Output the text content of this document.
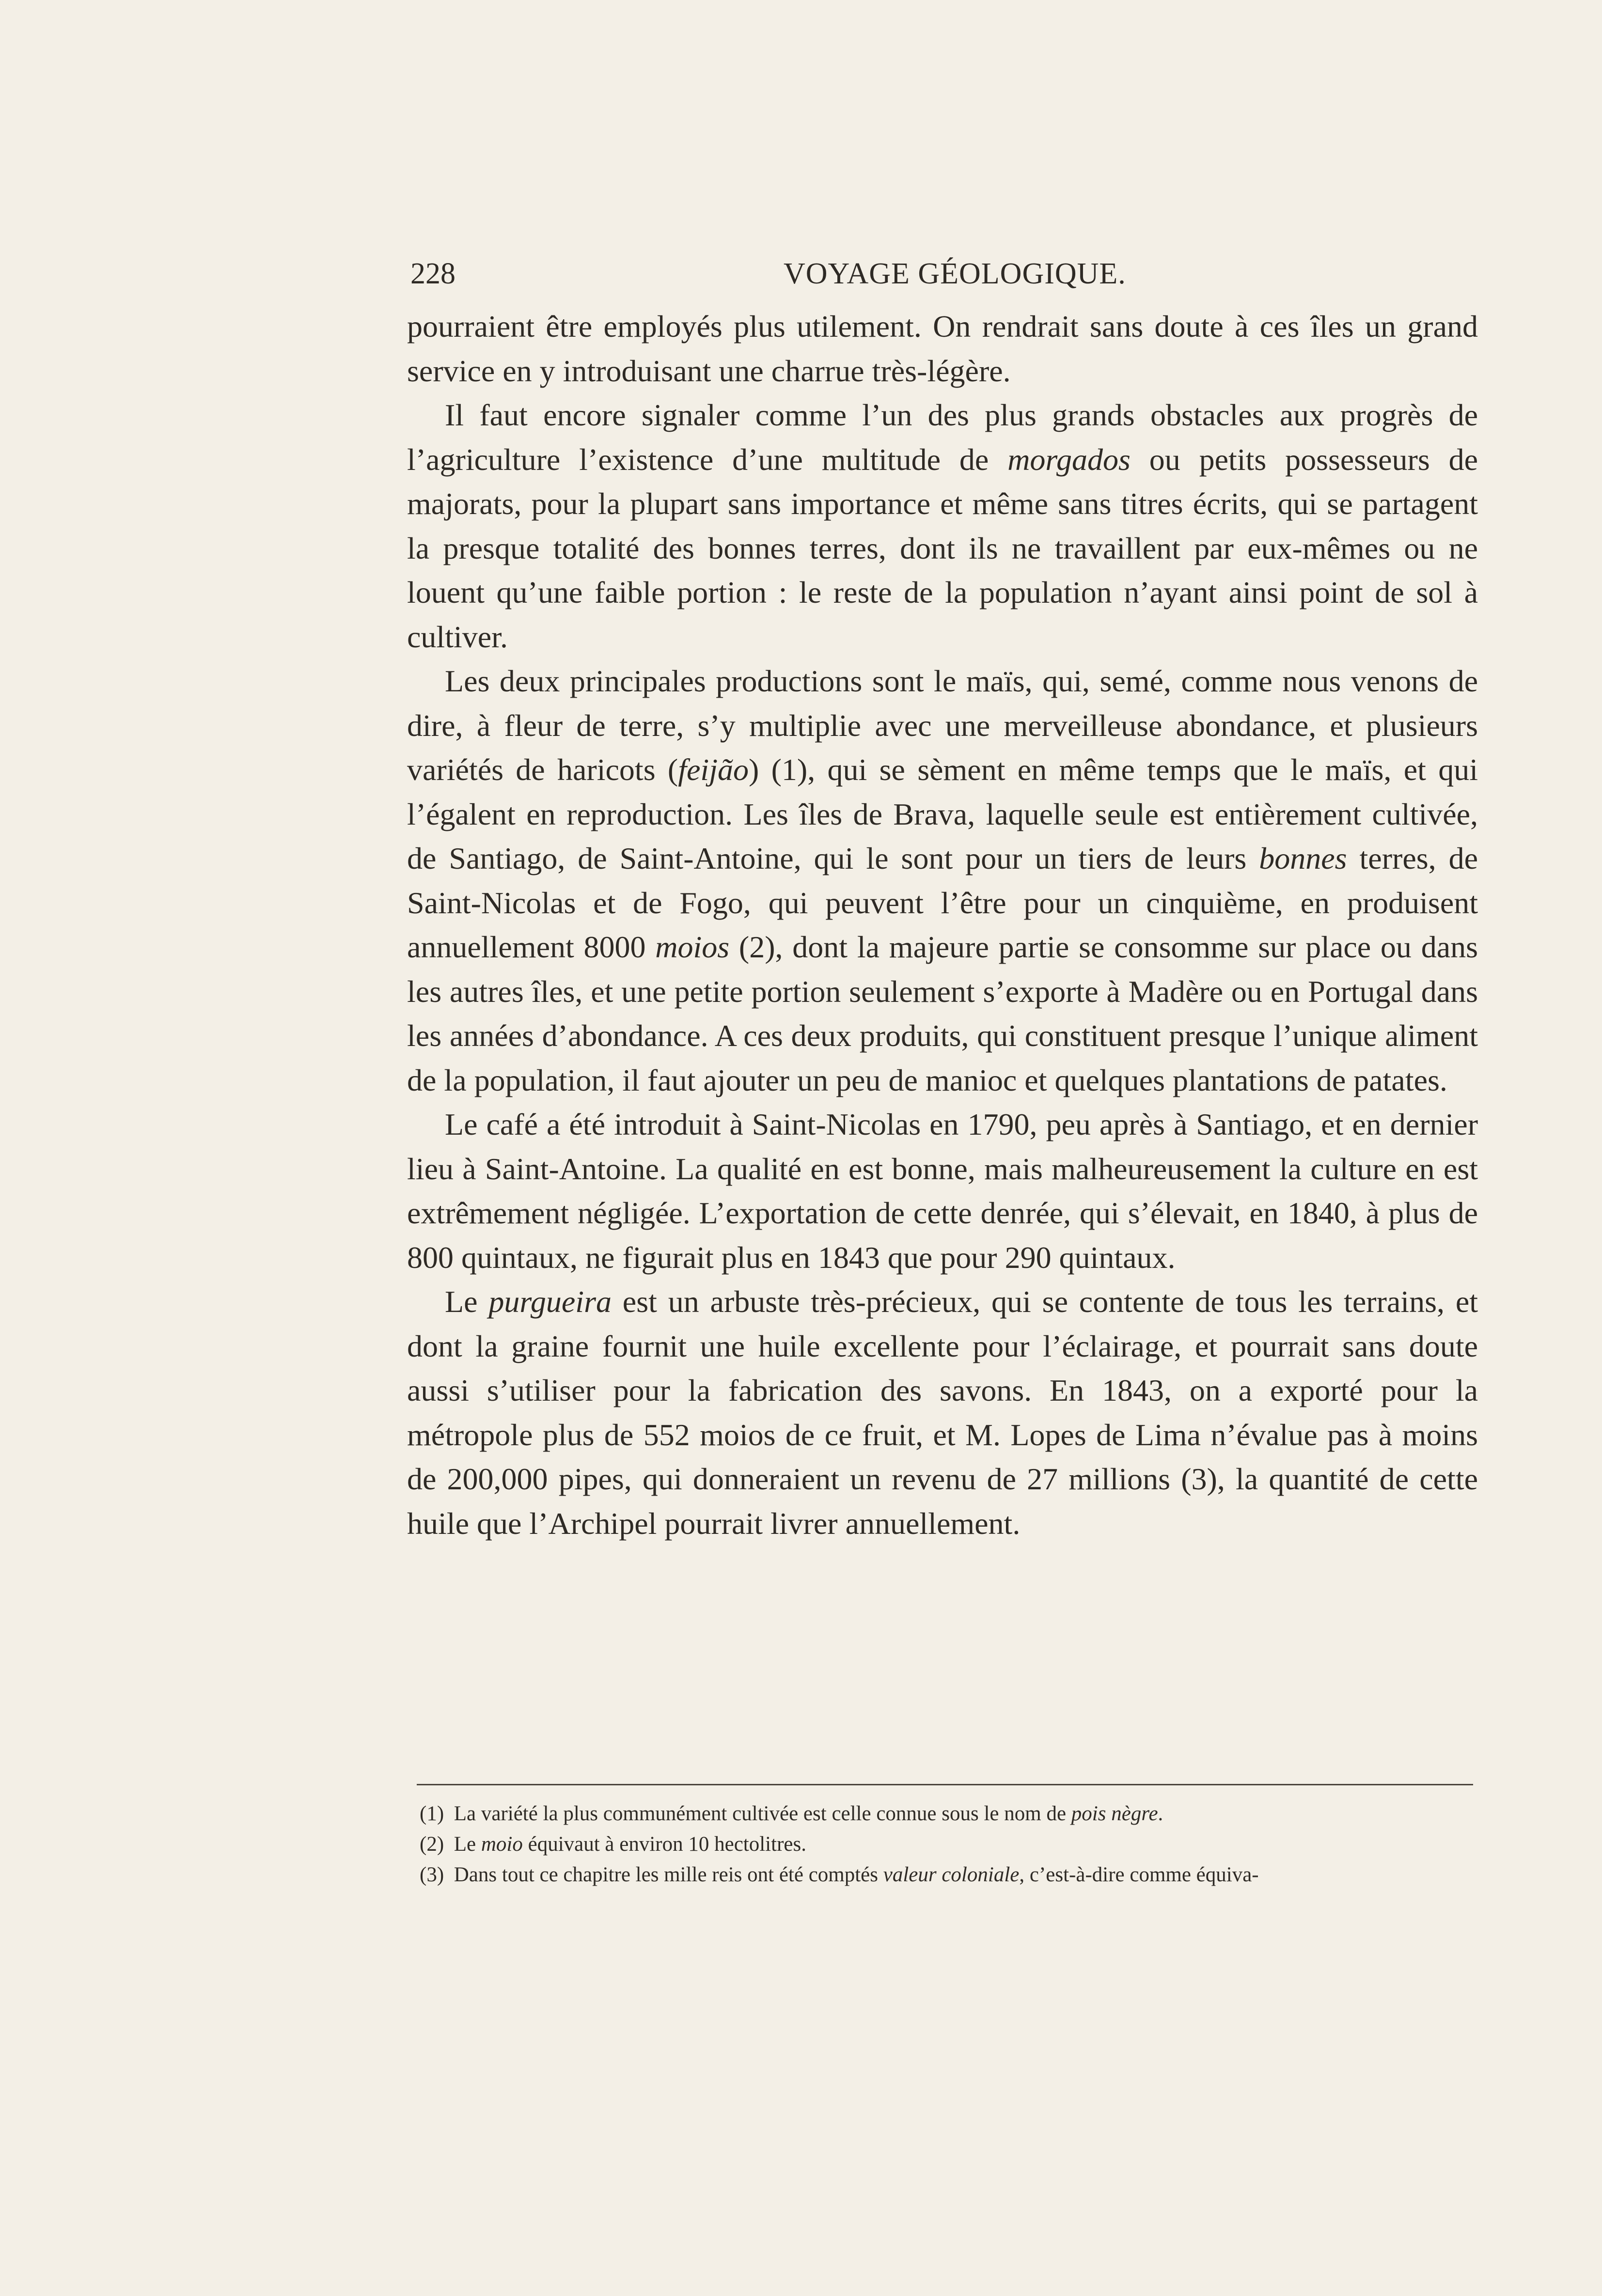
228	VOYAGE GÉOLOGIQUE.

pourraient être employés plus utilement. On rendrait sans doute à ces îles un grand service en y introduisant une charrue très-légère.

Il faut encore signaler comme l’un des plus grands obstacles aux progrès de l’agriculture l’existence d’une multitude de morgados ou petits possesseurs de majorats, pour la plupart sans importance et même sans titres écrits, qui se partagent la presque totalité des bonnes terres, dont ils ne travaillent par eux-mêmes ou ne louent qu’une faible portion : le reste de la population n’ayant ainsi point de sol à cultiver.

Les deux principales productions sont le maïs, qui, semé, comme nous venons de dire, à fleur de terre, s’y multiplie avec une merveilleuse abondance, et plusieurs variétés de haricots (feijão) (1), qui se sèment en même temps que le maïs, et qui l’égalent en reproduction. Les îles de Brava, laquelle seule est entièrement cultivée, de Santiago, de Saint-Antoine, qui le sont pour un tiers de leurs bonnes terres, de Saint-Nicolas et de Fogo, qui peuvent l’être pour un cinquième, en produisent annuellement 8000 moios (2), dont la majeure partie se consomme sur place ou dans les autres îles, et une petite portion seulement s’exporte à Madère ou en Portugal dans les années d’abondance. A ces deux produits, qui constituent presque l’unique aliment de la population, il faut ajouter un peu de manioc et quelques plantations de patates.

Le café a été introduit à Saint-Nicolas en 1790, peu après à Santiago, et en dernier lieu à Saint-Antoine. La qualité en est bonne, mais malheureusement la culture en est extrêmement négligée. L’exportation de cette denrée, qui s’élevait, en 1840, à plus de 800 quintaux, ne figurait plus en 1843 que pour 290 quintaux.

Le purgueira est un arbuste très-précieux, qui se contente de tous les terrains, et dont la graine fournit une huile excellente pour l’éclairage, et pourrait sans doute aussi s’utiliser pour la fabrication des savons. En 1843, on a exporté pour la métropole plus de 552 moios de ce fruit, et M. Lopes de Lima n’évalue pas à moins de 200,000 pipes, qui donneraient un revenu de 27 millions (3), la quantité de cette huile que l’Archipel pourrait livrer annuellement.

(1) La variété la plus communément cultivée est celle connue sous le nom de pois nègre.
(2) Le moio équivaut à environ 10 hectolitres.
(3) Dans tout ce chapitre les mille reis ont été comptés valeur coloniale, c’est-à-dire comme équiva-
